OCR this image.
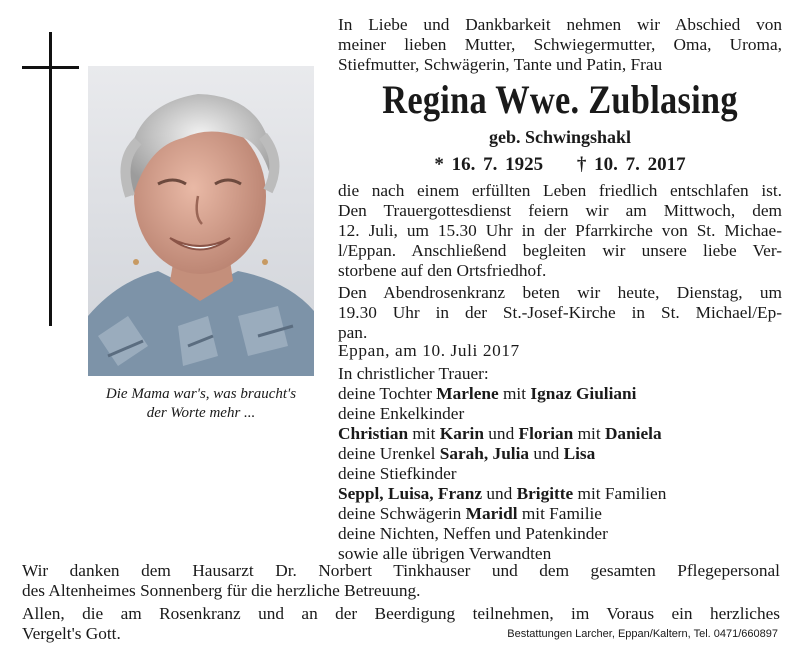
Die Mama war's, was braucht's
der Worte mehr ...
In Liebe und Dankbarkeit nehmen wir Abschied von
meiner lieben Mutter, Schwiegermutter, Oma, Uroma,
Stiefmutter, Schwägerin, Tante und Patin, Frau
Regina Wwe. Zublasing
geb. Schwingshakl
* 16. 7. 1925 † 10. 7. 2017
die nach einem erfüllten Leben friedlich entschlafen ist.
Den Trauergottesdienst feiern wir am Mittwoch, dem
12. Juli, um 15.30 Uhr in der Pfarrkirche von St. Michae-
l/Eppan. Anschließend begleiten wir unsere liebe Ver-
storbene auf den Ortsfriedhof.
Den Abendrosenkranz beten wir heute, Dienstag, um
19.30 Uhr in der St.-Josef-Kirche in St. Michael/Ep-
pan.
Eppan, am 10. Juli 2017
In christlicher Trauer:
deine Tochter Marlene mit Ignaz Giuliani
deine Enkelkinder
Christian mit Karin und Florian mit Daniela
deine Urenkel Sarah, Julia und Lisa
deine Stiefkinder
Seppl, Luisa, Franz und Brigitte mit Familien
deine Schwägerin Maridl mit Familie
deine Nichten, Neffen und Patenkinder
sowie alle übrigen Verwandten
Wir danken dem Hausarzt Dr. Norbert Tinkhauser und dem gesamten Pflegepersonal
des Altenheimes Sonnenberg für die herzliche Betreuung.
Allen, die am Rosenkranz und an der Beerdigung teilnehmen, im Voraus ein herzliches
Vergelt's Gott.	Bestattungen Larcher, Eppan/Kaltern, Tel. 0471/660897
